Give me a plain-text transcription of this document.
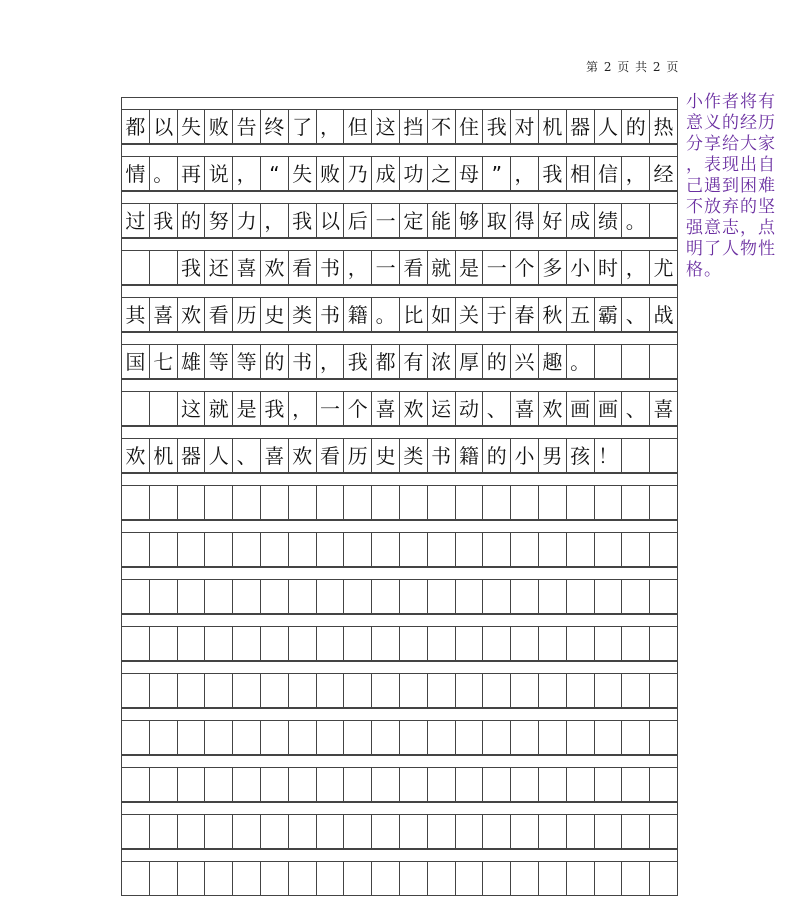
第 2 页 共 2 页
都 以 失 败 告 终 了 ， 但 这 挡 不 住 我 对 机 器 人 的 热
情 。 再 说 ， “ 失 败 乃 成 功 之 母 ” ， 我 相 信 ， 经
过 我 的 努 力 ， 我 以 后 一 定 能 够 取 得 好 成 绩 。
我 还 喜 欢 看 书 ， 一 看 就 是 一 个 多 小 时 ， 尤
其 喜 欢 看 历 史 类 书 籍 。 比 如 关 于 春 秋 五 霸 、 战
国 七 雄 等 等 的 书 ， 我 都 有 浓 厚 的 兴 趣 。
这 就 是 我 ， 一 个 喜 欢 运 动 、 喜 欢 画 画 、 喜
欢 机 器 人 、 喜 欢 看 历 史 类 书 籍 的 小 男 孩 ！
小作者将有
意义的经历
分享给大家
，表现出自
己遇到困难
不放弃的坚
强意志，点
明了人物性
格。
